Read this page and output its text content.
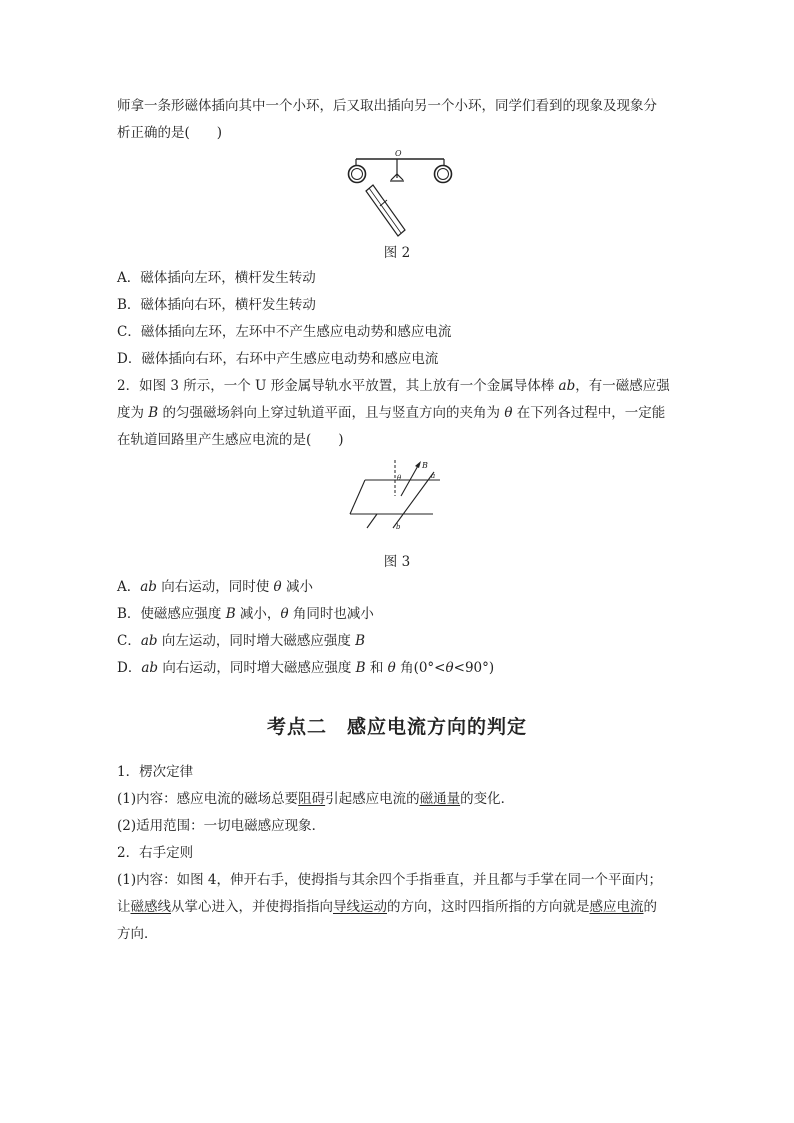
师拿一条形磁体插向其中一个小环，后又取出插向另一个小环，同学们看到的现象及现象分
析正确的是(　　)
O
图 2
A．磁体插向左环，横杆发生转动
B．磁体插向右环，横杆发生转动
C．磁体插向左环，左环中不产生感应电动势和感应电流
D．磁体插向右环，右环中产生感应电动势和感应电流
2．如图 3 所示，一个 U 形金属导轨水平放置，其上放有一个金属导体棒 ab，有一磁感应强
度为 B 的匀强磁场斜向上穿过轨道平面，且与竖直方向的夹角为 θ 在下列各过程中，一定能
在轨道回路里产生感应电流的是(　　)
B
θ	a
b
图 3
A．ab 向右运动，同时使 θ 减小
B．使磁感应强度 B 减小，θ 角同时也减小
C．ab 向左运动，同时增大磁感应强度 B
D．ab 向右运动，同时增大磁感应强度 B 和 θ 角(0°<θ<90°)
考点二　感应电流方向的判定
1．楞次定律
(1)内容：感应电流的磁场总要阻碍引起感应电流的磁通量的变化．
(2)适用范围：一切电磁感应现象．
2．右手定则
(1)内容：如图 4，伸开右手，使拇指与其余四个手指垂直，并且都与手掌在同一个平面内；
让磁感线从掌心进入，并使拇指指向导线运动的方向，这时四指所指的方向就是感应电流的
方向．
